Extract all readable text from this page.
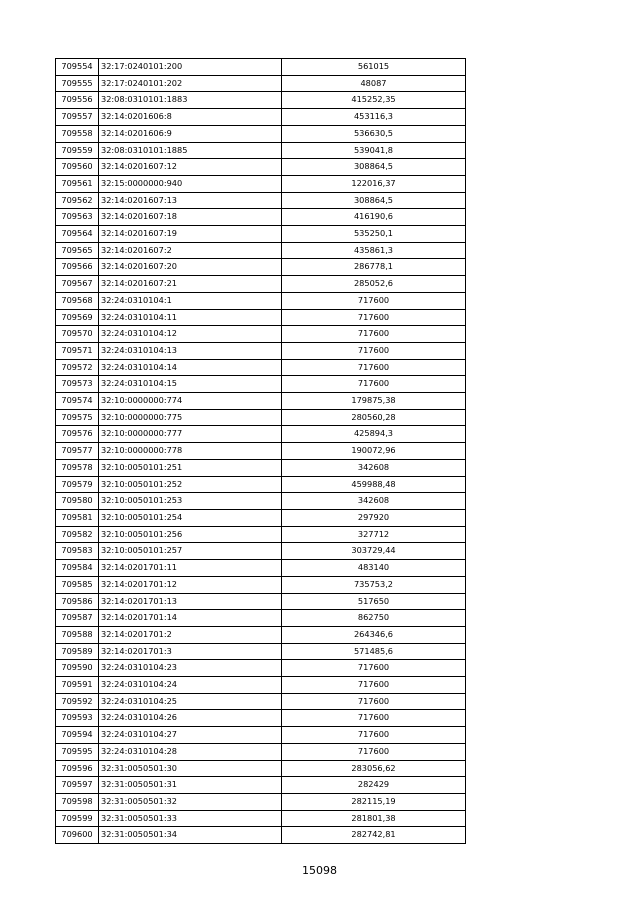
709554	32:17:0240101:200	561015
709555	32:17:0240101:202	48087
709556	32:08:0310101:1883	415252,35
709557	32:14:0201606:8	453116,3
709558	32:14:0201606:9	536630,5
709559	32:08:0310101:1885	539041,8
709560	32:14:0201607:12	308864,5
709561	32:15:0000000:940	122016,37
709562	32:14:0201607:13	308864,5
709563	32:14:0201607:18	416190,6
709564	32:14:0201607:19	535250,1
709565	32:14:0201607:2	435861,3
709566	32:14:0201607:20	286778,1
709567	32:14:0201607:21	285052,6
709568	32:24:0310104:1	717600
709569	32:24:0310104:11	717600
709570	32:24:0310104:12	717600
709571	32:24:0310104:13	717600
709572	32:24:0310104:14	717600
709573	32:24:0310104:15	717600
709574	32:10:0000000:774	179875,38
709575	32:10:0000000:775	280560,28
709576	32:10:0000000:777	425894,3
709577	32:10:0000000:778	190072,96
709578	32:10:0050101:251	342608
709579	32:10:0050101:252	459988,48
709580	32:10:0050101:253	342608
709581	32:10:0050101:254	297920
709582	32:10:0050101:256	327712
709583	32:10:0050101:257	303729,44
709584	32:14:0201701:11	483140
709585	32:14:0201701:12	735753,2
709586	32:14:0201701:13	517650
709587	32:14:0201701:14	862750
709588	32:14:0201701:2	264346,6
709589	32:14:0201701:3	571485,6
709590	32:24:0310104:23	717600
709591	32:24:0310104:24	717600
709592	32:24:0310104:25	717600
709593	32:24:0310104:26	717600
709594	32:24:0310104:27	717600
709595	32:24:0310104:28	717600
709596	32:31:0050501:30	283056,62
709597	32:31:0050501:31	282429
709598	32:31:0050501:32	282115,19
709599	32:31:0050501:33	281801,38
709600	32:31:0050501:34	282742,81
15098
